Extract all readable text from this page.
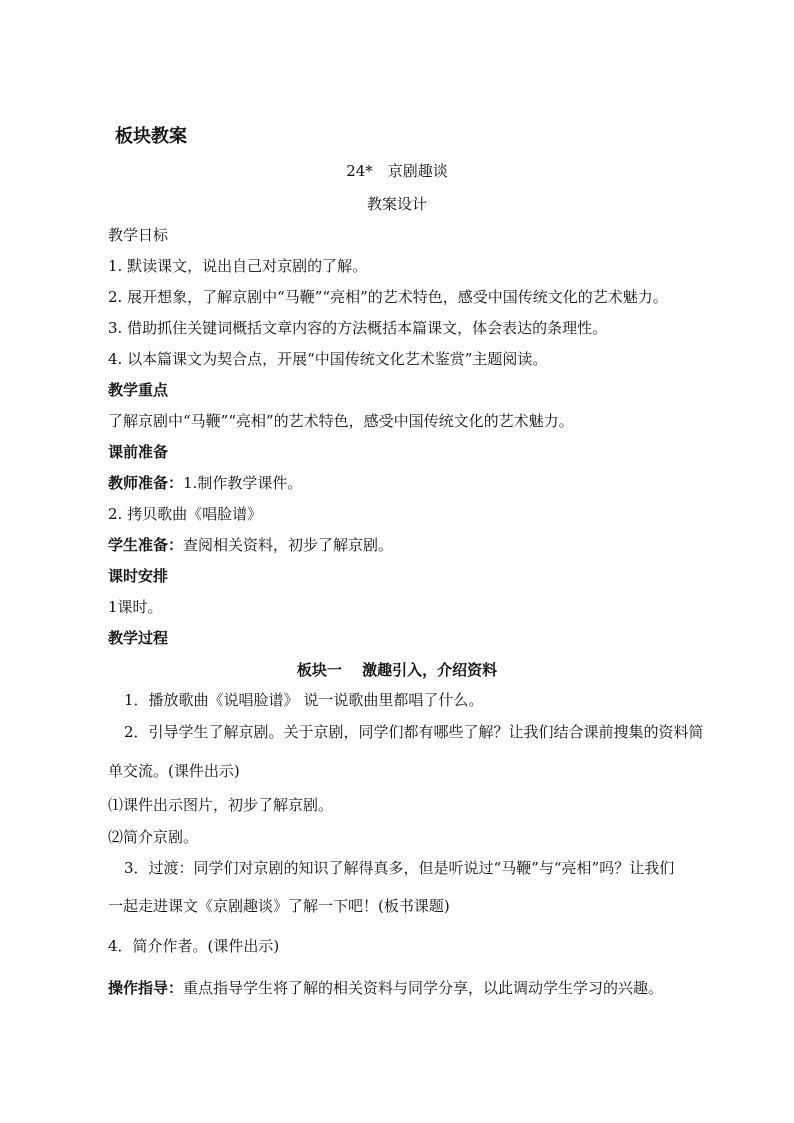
板块教案
24*　京剧趣谈
教案设计
教学日标
1. 默读课文，说出自己对京剧的了解。
2. 展开想象，了解京剧中“马鞭”“亮相”的艺术特色，感受中国传统文化的艺术魅力。
3. 借助抓住关键词概括文章内容的方法概括本篇课文，体会表达的条理性。
4. 以本篇课文为契合点，开展“中国传统文化艺术鉴赏”主题阅读。
教学重点
了解京剧中“马鞭”“亮相”的艺术特色，感受中国传统文化的艺术魅力。
课前准备
教师准备：1.制作教学课件。
2. 拷贝歌曲《唱脸谱》
学生准备：查阅相关资料，初步了解京剧。
课时安排
1课时。
教学过程
板块一　 激趣引入，介绍资料
1．播放歌曲《说唱脸谱》 说一说歌曲里都唱了什么。
2．引导学生了解京剧。关于京剧，同学们都有哪些了解？让我们结合课前搜集的资料简
单交流。(课件出示)
⑴课件出示图片，初步了解京剧。
⑵简介京剧。
3．过渡：同学们对京剧的知识了解得真多，但是听说过“马鞭”与“亮相”吗？让我们
一起走进课文《京剧趣谈》了解一下吧！(板书课题)
4．简介作者。(课件出示)
操作指导：重点指导学生将了解的相关资料与同学分享，以此调动学生学习的兴趣。
